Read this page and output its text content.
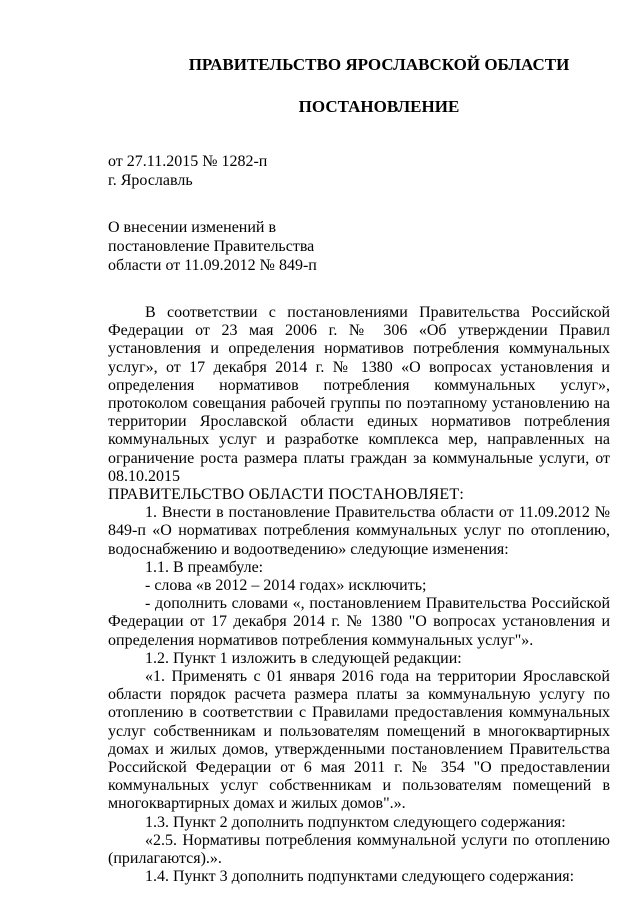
ПРАВИТЕЛЬСТВО ЯРОСЛАВСКОЙ ОБЛАСТИ
ПОСТАНОВЛЕНИЕ
от 27.11.2015 № 1282-п
г. Ярославль
О внесении изменений в
постановление Правительства
области от 11.09.2012 № 849-п

В соответствии с постановлениями Правительства Российской Федерации от 23 мая 2006 г. № 306 «Об утверждении Правил установления и определения нормативов потребления коммунальных услуг», от 17 декабря 2014 г. № 1380 «О вопросах установления и определения нормативов потребления коммунальных услуг», протоколом совещания рабочей группы по поэтапному установлению на территории Ярославской области единых нормативов потребления коммунальных услуг и разработке комплекса мер, направленных на ограничение роста размера платы граждан за коммунальные услуги, от 08.10.2015

ПРАВИТЕЛЬСТВО ОБЛАСТИ ПОСТАНОВЛЯЕТ:

1. Внести в постановление Правительства области от 11.09.2012 № 849-п «О нормативах потребления коммунальных услуг по отоплению, водоснабжению и водоотведению» следующие изменения:

1.1. В преамбуле:

- слова «в 2012 – 2014 годах» исключить;

- дополнить словами «, постановлением Правительства Российской Федерации от 17 декабря 2014 г. № 1380 "О вопросах установления и определения нормативов потребления коммунальных услуг"».

1.2. Пункт 1 изложить в следующей редакции:

«1. Применять с 01 января 2016 года на территории Ярославской области порядок расчета размера платы за коммунальную услугу по отоплению в соответствии с Правилами предоставления коммунальных услуг собственникам и пользователям помещений в многоквартирных домах и жилых домов, утвержденными постановлением Правительства Российской Федерации от 6 мая 2011 г. № 354 "О предоставлении коммунальных услуг собственникам и пользователям помещений в многоквартирных домах и жилых домов".».

1.3. Пункт 2 дополнить подпунктом следующего содержания:

«2.5. Нормативы потребления коммунальной услуги по отоплению (прилагаются).».

1.4. Пункт 3 дополнить подпунктами следующего содержания:
